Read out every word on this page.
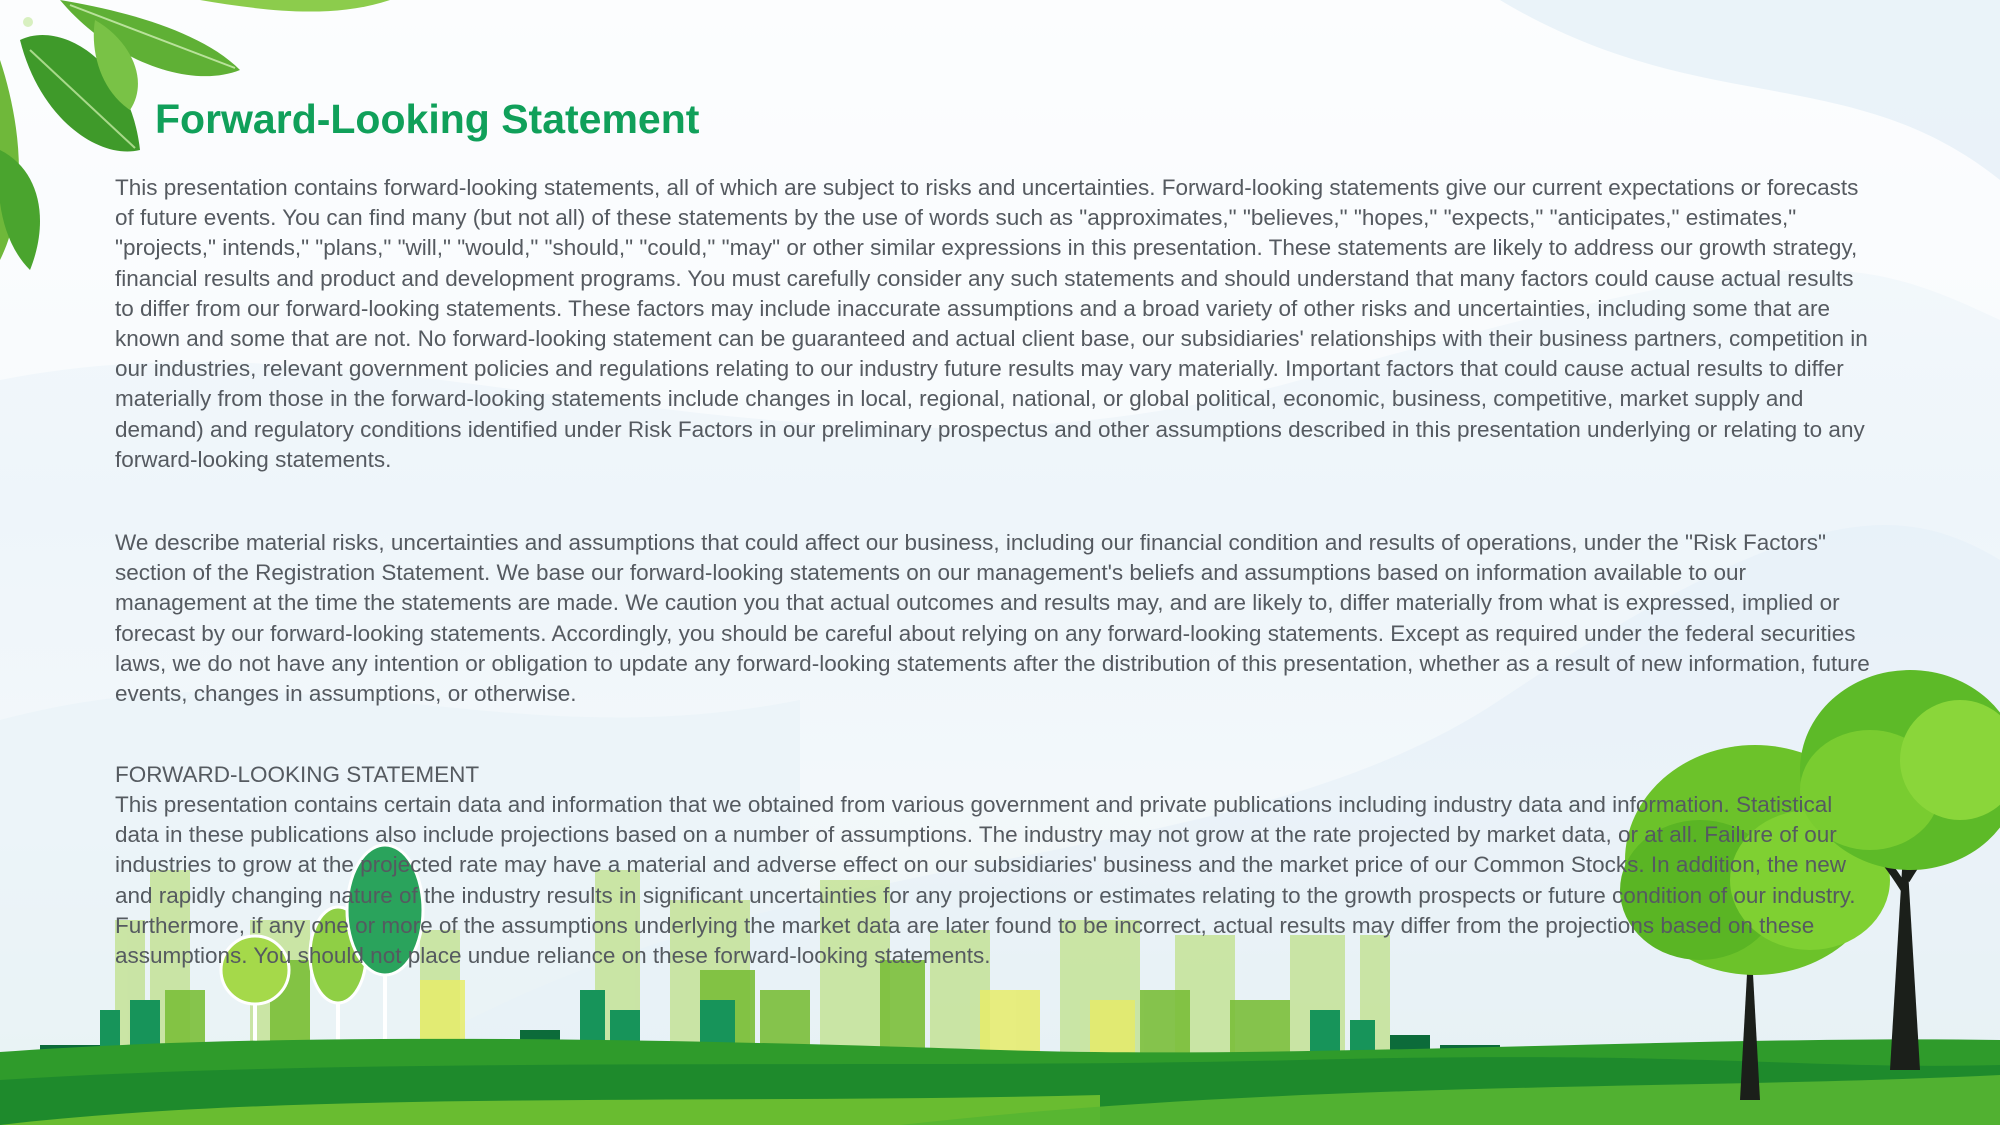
Forward-Looking Statement

This presentation contains forward-looking statements, all of which are subject to risks and uncertainties. Forward-looking statements give our current expectations or forecasts of future events. You can find many (but not all) of these statements by the use of words such as "approximates," "believes," "hopes," "expects," "anticipates," estimates," "projects," intends," "plans," "will," "would," "should," "could," "may" or other similar expressions in this presentation. These statements are likely to address our growth strategy, financial results and product and development programs. You must carefully consider any such statements and should understand that many factors could cause actual results to differ from our forward-looking statements. These factors may include inaccurate assumptions and a broad variety of other risks and uncertainties, including some that are known and some that are not. No forward-looking statement can be guaranteed and actual client base, our subsidiaries' relationships with their business partners, competition in our industries, relevant government policies and regulations relating to our industry future results may vary materially. Important factors that could cause actual results to differ materially from those in the forward-looking statements include changes in local, regional, national, or global political, economic, business, competitive, market supply and demand) and regulatory conditions identified under Risk Factors in our preliminary prospectus and other assumptions described in this presentation underlying or relating to any forward-looking statements.

We describe material risks, uncertainties and assumptions that could affect our business, including our financial condition and results of operations, under the "Risk Factors" section of the Registration Statement. We base our forward-looking statements on our management's beliefs and assumptions based on information available to our management at the time the statements are made. We caution you that actual outcomes and results may, and are likely to, differ materially from what is expressed, implied or forecast by our forward-looking statements. Accordingly, you should be careful about relying on any forward-looking statements. Except as required under the federal securities laws, we do not have any intention or obligation to update any forward-looking statements after the distribution of this presentation, whether as a result of new information, future events, changes in assumptions, or otherwise.

FORWARD-LOOKING STATEMENT

This presentation contains certain data and information that we obtained from various government and private publications including industry data and information. Statistical data in these publications also include projections based on a number of assumptions. The industry may not grow at the rate projected by market data, or at all. Failure of our industries to grow at the projected rate may have a material and adverse effect on our subsidiaries' business and the market price of our Common Stocks. In addition, the new and rapidly changing nature of the industry results in significant uncertainties for any projections or estimates relating to the growth prospects or future condition of our industry. Furthermore, if any one or more of the assumptions underlying the market data are later found to be incorrect, actual results may differ from the projections based on these assumptions. You should not place undue reliance on these forward-looking statements.
